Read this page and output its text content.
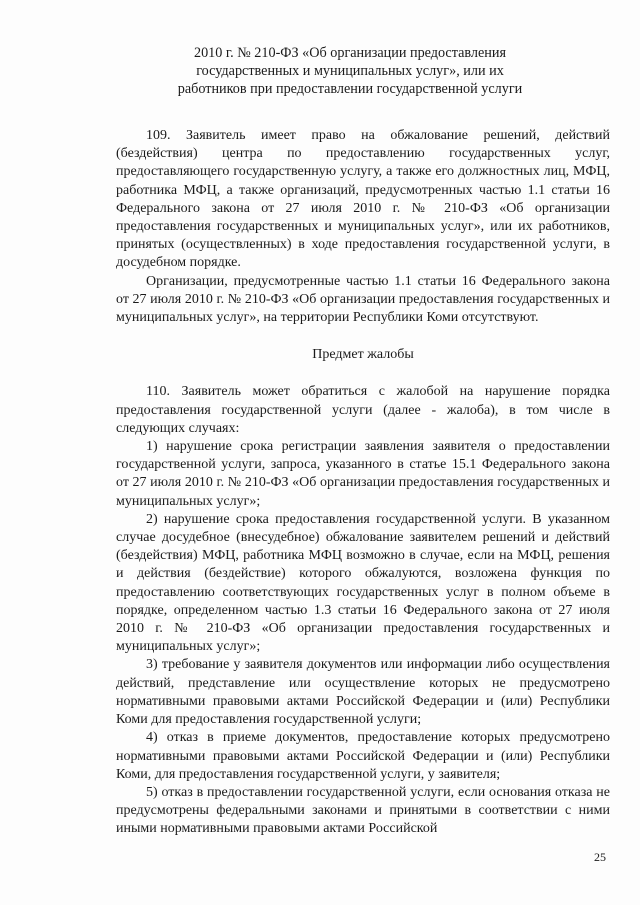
2010 г. № 210-ФЗ «Об организации предоставления
государственных и муниципальных услуг», или их
работников при предоставлении государственной услуги

109. Заявитель имеет право на обжалование решений, действий (бездействия) центра по предоставлению государственных услуг, предоставляющего государственную услугу, а также его должностных лиц, МФЦ, работника МФЦ, а также организаций, предусмотренных частью 1.1 статьи 16 Федерального закона от 27 июля 2010 г. № 210-ФЗ «Об организации предоставления государственных и муниципальных услуг», или их работников, принятых (осуществленных) в ходе предоставления государственной услуги, в досудебном порядке.

Организации, предусмотренные частью 1.1 статьи 16 Федерального закона от 27 июля 2010 г. № 210-ФЗ «Об организации предоставления государственных и муниципальных услуг», на территории Республики Коми отсутствуют.

Предмет жалобы

110. Заявитель может обратиться с жалобой на нарушение порядка предоставления государственной услуги (далее - жалоба), в том числе в следующих случаях:

1) нарушение срока регистрации заявления заявителя о предоставлении государственной услуги, запроса, указанного в статье 15.1 Федерального закона от 27 июля 2010 г. № 210-ФЗ «Об организации предоставления государственных и муниципальных услуг»;

2) нарушение срока предоставления государственной услуги. В указанном случае досудебное (внесудебное) обжалование заявителем решений и действий (бездействия) МФЦ, работника МФЦ возможно в случае, если на МФЦ, решения и действия (бездействие) которого обжалуются, возложена функция по предоставлению соответствующих государственных услуг в полном объеме в порядке, определенном частью 1.3 статьи 16 Федерального закона от 27 июля 2010 г. № 210-ФЗ «Об организации предоставления государственных и муниципальных услуг»;

3) требование у заявителя документов или информации либо осуществления действий, представление или осуществление которых не предусмотрено нормативными правовыми актами Российской Федерации и (или) Республики Коми для предоставления государственной услуги;

4) отказ в приеме документов, предоставление которых предусмотрено нормативными правовыми актами Российской Федерации и (или) Республики Коми, для предоставления государственной услуги, у заявителя;

5) отказ в предоставлении государственной услуги, если основания отказа не предусмотрены федеральными законами и принятыми в соответствии с ними иными нормативными правовыми актами Российской

25
